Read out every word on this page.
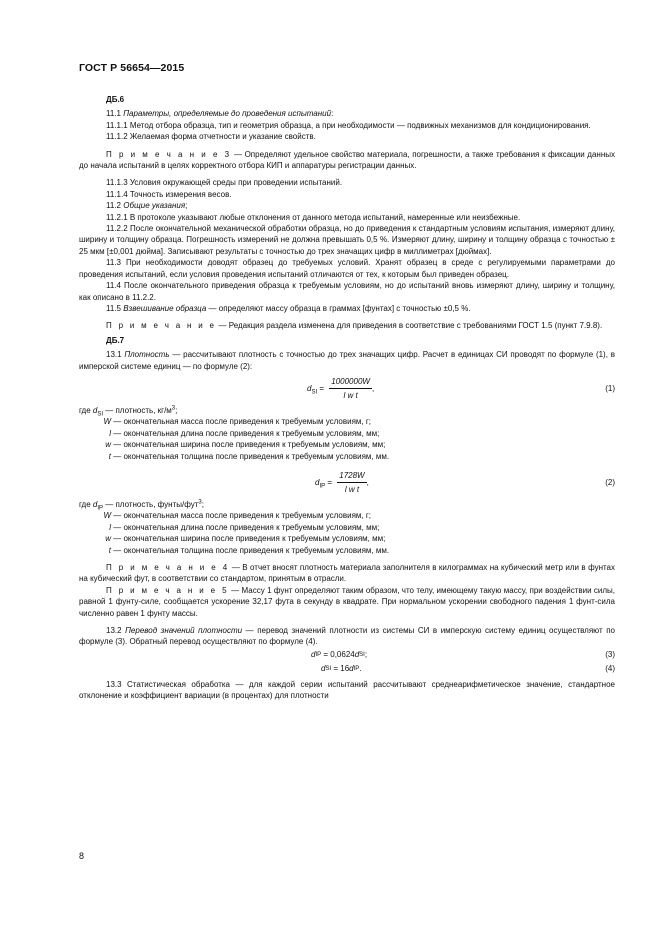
ГОСТ Р 56654—2015

ДБ.6

11.1 Параметры, определяемые до проведения испытаний:

11.1.1 Метод отбора образца, тип и геометрия образца, а при необходимости — подвижных механизмов для кондиционирования.

11.1.2 Желаемая форма отчетности и указание свойств.

П р и м е ч а н и е 3 — Определяют удельное свойство материала, погрешности, а также требования к фиксации данных до начала испытаний в целях корректного отбора КИП и аппаратуры регистрации данных.

11.1.3 Условия окружающей среды при проведении испытаний.

11.1.4 Точность измерения весов.

11.2 Общие указания;

11.2.1 В протоколе указывают любые отклонения от данного метода испытаний, намеренные или неизбежные.

11.2.2 После окончательной механической обработки образца, но до приведения к стандартным условиям испытания, измеряют длину, ширину и толщину образца. Погрешность измерений не должна превышать 0,5 %. Измеряют длину, ширину и толщину образца с точностью ± 25 мкм [±0,001 дюйма]. Записывают результаты с точностью до трех значащих цифр в миллиметрах [дюймах].

11.3 При необходимости доводят образец до требуемых условий. Хранят образец в среде с регулируемыми параметрами до проведения испытаний, если условия проведения испытаний отличаются от тех, к которым был приведен образец.

11.4 После окончательного приведения образца к требуемым условиям, но до испытаний вновь измеряют длину, ширину и толщину, как описано в 11.2.2.

11.5 Взвешивание образца — определяют массу образца в граммах [фунтах] с точностью ±0,5 %.

П р и м е ч а н и е — Редакция раздела изменена для приведения в соответствие с требованиями ГОСТ 1.5 (пункт 7.9.8).

ДБ.7

13.1 Плотность — рассчитывают плотность с точностью до трех значащих цифр. Расчет в единицах СИ проводят по формуле (1), в имперской системе единиц — по формуле (2):

$d_{SI} = \frac{1000000W}{\text{l w t}}$ ,	(1)

где $d_{SI}$ — плотность, $кг/м^3$;

W — окончательная масса после приведения к требуемым условиям, г;

l — окончательная длина после приведения к требуемым условиям, мм;

w — окончательная ширина после приведения к требуемым условиям, мм;

t — окончательная толщина после приведения к требуемым условиям, мм.

$d_{IP} = \frac{1728W}{\text{l w t}}$ ,	(2)

где $d_{IP}$ — плотность, фунты/фут$^3$;

W — окончательная масса после приведения к требуемым условиям, г;

l — окончательная длина после приведения к требуемым условиям, мм;

w — окончательная ширина после приведения к требуемым условиям, мм;

t — окончательная толщина после приведения к требуемым условиям, мм.

П р и м е ч а н и е 4 — В отчет вносят плотность материала заполнителя в килограммах на кубический метр или в фунтах на кубический фут, в соответствии со стандартом, принятым в отрасли.

П р и м е ч а н и е 5 — Массу 1 фунт определяют таким образом, что телу, имеющему такую массу, при воздействии силы, равной 1 фунту-силе, сообщается ускорение 32,17 фута в секунду в квадрате. При нормальном ускорении свободного падения 1 фунт-сила численно равен 1 фунту массы.

13.2 Перевод значений плотности — перевод значений плотности из системы СИ в имперскую систему единиц осуществляют по формуле (3). Обратный перевод осуществляют по формуле (4).

d IP = 0,0624 d SI ;	(3)
d SI = 16 d IP .	(4)

13.3 Статистическая обработка — для каждой серии испытаний рассчитывают среднеарифметическое значение, стандартное отклонение и коэффициент вариации (в процентах) для плотности

8
